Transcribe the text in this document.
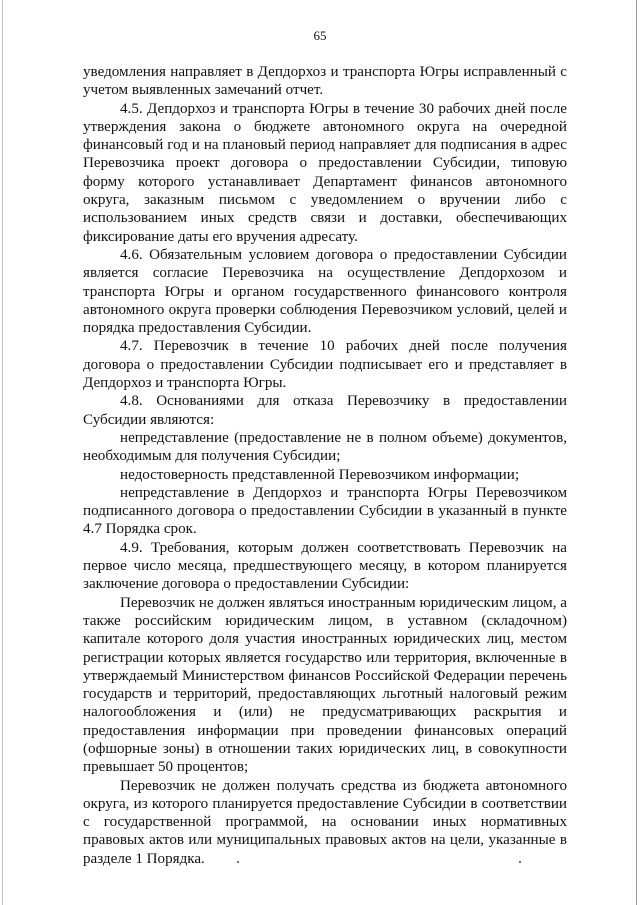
65

уведомления направляет в Депдорхоз и транспорта Югры исправленный с учетом выявленных замечаний отчет.

4.5. Депдорхоз и транспорта Югры в течение 30 рабочих дней после утверждения закона о бюджете автономного округа на очередной финансовый год и на плановый период направляет для подписания в адрес Перевозчика проект договора о предоставлении Субсидии, типовую форму которого устанавливает Департамент финансов автономного округа, заказным письмом с уведомлением о вручении либо с использованием иных средств связи и доставки, обеспечивающих фиксирование даты его вручения адресату.

4.6. Обязательным условием договора о предоставлении Субсидии является согласие Перевозчика на осуществление Депдорхозом и транспорта Югры и органом государственного финансового контроля автономного округа проверки соблюдения Перевозчиком условий, целей и порядка предоставления Субсидии.

4.7. Перевозчик в течение 10 рабочих дней после получения договора о предоставлении Субсидии подписывает его и представляет в Депдорхоз и транспорта Югры.

4.8. Основаниями для отказа Перевозчику в предоставлении Субсидии являются:

непредставление (предоставление не в полном объеме) документов, необходимым для получения Субсидии;

недостоверность представленной Перевозчиком информации;

непредставление в Депдорхоз и транспорта Югры Перевозчиком подписанного договора о предоставлении Субсидии в указанный в пункте 4.7 Порядка срок.

4.9. Требования, которым должен соответствовать Перевозчик на первое число месяца, предшествующего месяцу, в котором планируется заключение договора о предоставлении Субсидии:

Перевозчик не должен являться иностранным юридическим лицом, а также российским юридическим лицом, в уставном (складочном) капитале которого доля участия иностранных юридических лиц, местом регистрации которых является государство или территория, включенные в утверждаемый Министерством финансов Российской Федерации перечень государств и территорий, предоставляющих льготный налоговый режим налогообложения и (или) не предусматривающих раскрытия и предоставления информации при проведении финансовых операций (офшорные зоны) в отношении таких юридических лиц, в совокупности превышает 50 процентов;

Перевозчик не должен получать средства из бюджета автономного округа, из которого планируется предоставление Субсидии в соответствии с государственной программой, на основании иных нормативных правовых актов или муниципальных правовых актов на цели, указанные в разделе 1 Порядка.
